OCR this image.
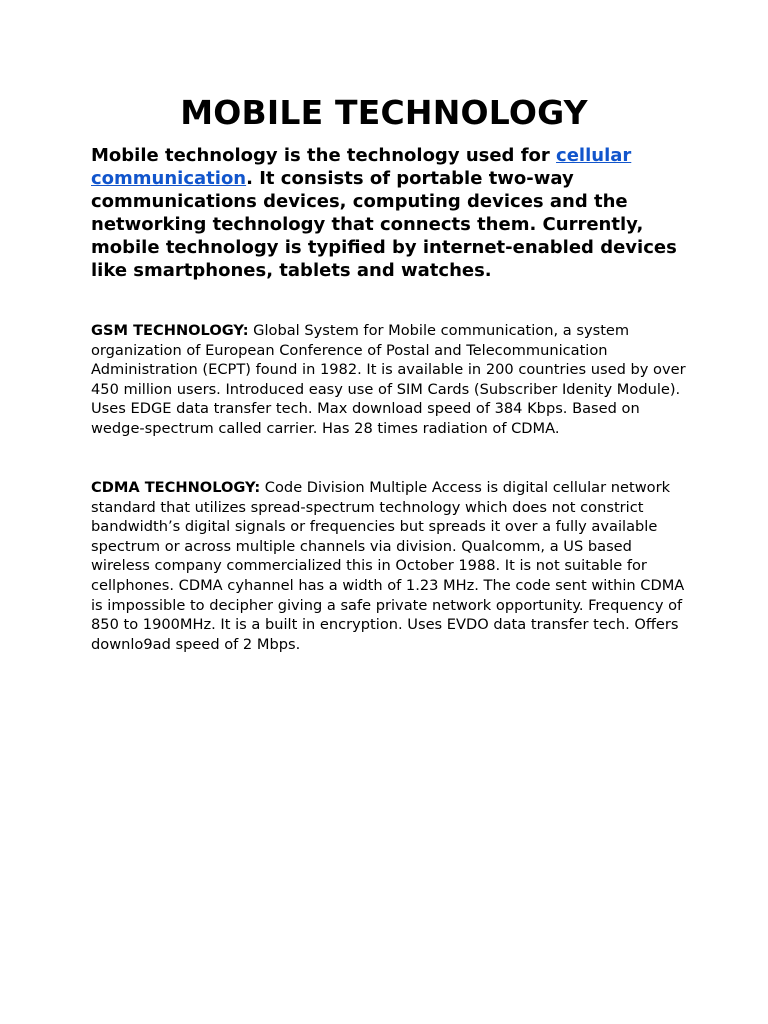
MOBILE TECHNOLOGY

Mobile technology is the technology used for cellular communication. It consists of portable two-way communications devices, computing devices and the networking technology that connects them. Currently, mobile technology is typified by internet-enabled devices like smartphones, tablets and watches.

GSM TECHNOLOGY: Global System for Mobile communication, a system organization of European Conference of Postal and Telecommunication Administration (ECPT) found in 1982. It is available in 200 countries used by over 450 million users. Introduced easy use of SIM Cards (Subscriber Idenity Module). Uses EDGE data transfer tech. Max download speed of 384 Kbps. Based on wedge-spectrum called carrier. Has 28 times radiation of CDMA.

CDMA TECHNOLOGY: Code Division Multiple Access is digital cellular network standard that utilizes spread-spectrum technology which does not constrict bandwidth’s digital signals or frequencies but spreads it over a fully available spectrum or across multiple channels via division. Qualcomm, a US based wireless company commercialized this in October 1988. It is not suitable for cellphones. CDMA cyhannel has a width of 1.23 MHz. The code sent within CDMA is impossible to decipher giving a safe private network opportunity. Frequency of 850 to 1900MHz. It is a built in encryption. Uses EVDO data transfer tech. Offers downlo9ad speed of 2 Mbps.
